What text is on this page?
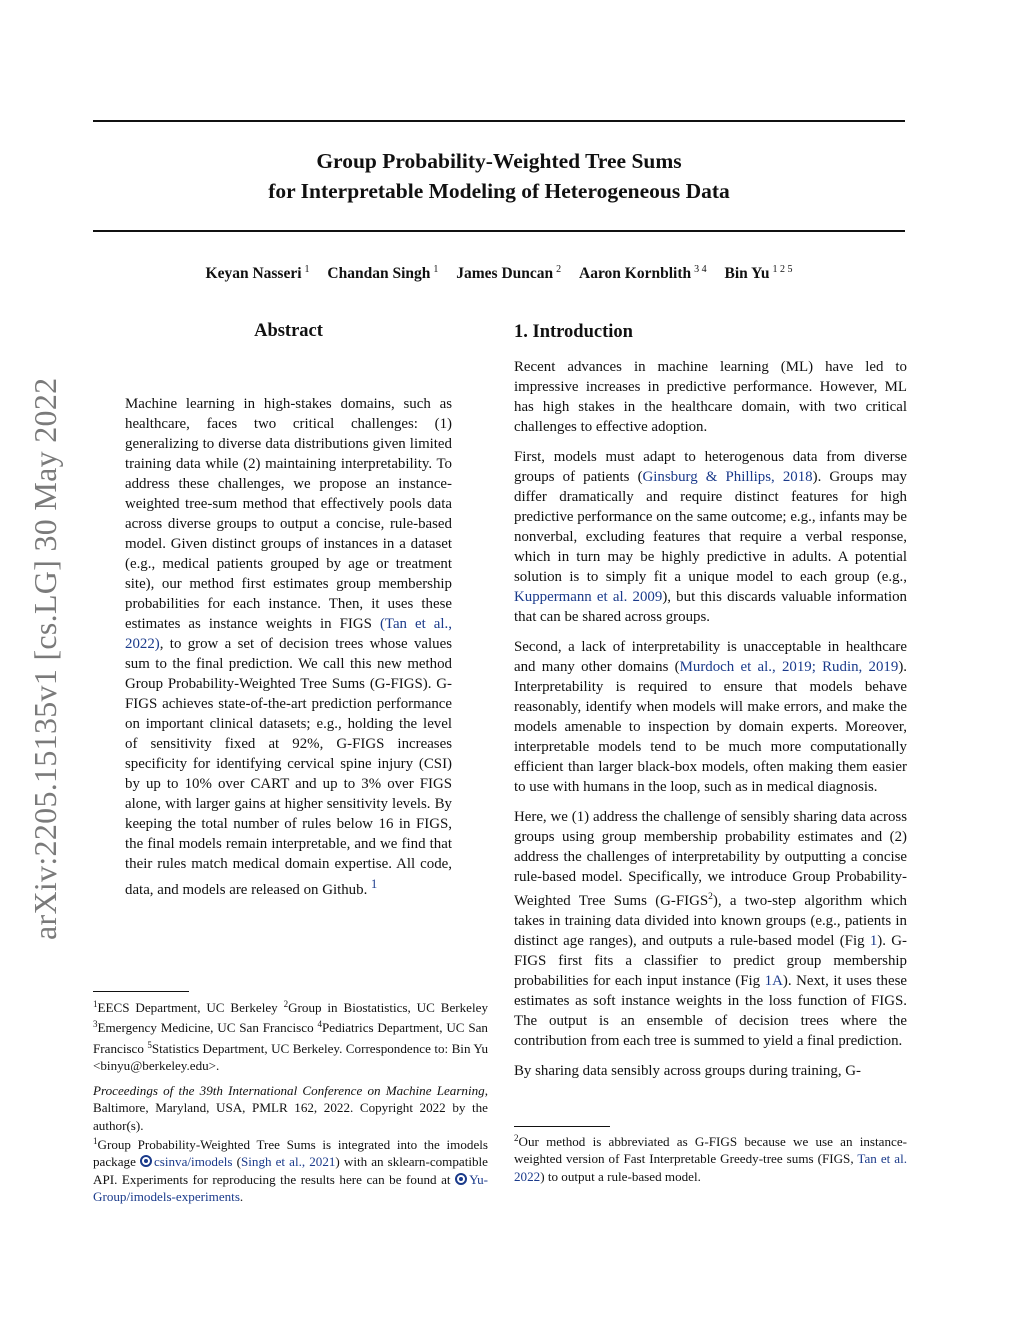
arXiv:2205.15135v1 [cs.LG] 30 May 2022
Group Probability-Weighted Tree Sums
for Interpretable Modeling of Heterogeneous Data
Keyan Nasseri $^1$ Chandan Singh $^1$ James Duncan $^2$ Aaron Kornblith $^{3 4}$ Bin Yu $^{1 2 5}$
Abstract
Machine learning in high-stakes domains, such as healthcare, faces two critical challenges: (1) generalizing to diverse data distributions given limited training data while (2) maintaining interpretability. To address these challenges, we propose an instance-weighted tree-sum method that effectively pools data across diverse groups to output a concise, rule-based model. Given distinct groups of instances in a dataset (e.g., medical patients grouped by age or treatment site), our method first estimates group membership probabilities for each instance. Then, it uses these estimates as instance weights in FIGS (Tan et al., 2022), to grow a set of decision trees whose values sum to the final prediction. We call this new method Group Probability-Weighted Tree Sums (G-FIGS). G-FIGS achieves state-of-the-art prediction performance on important clinical datasets; e.g., holding the level of sensitivity fixed at 92%, G-FIGS increases specificity for identifying cervical spine injury (CSI) by up to 10% over CART and up to 3% over FIGS alone, with larger gains at higher sensitivity levels. By keeping the total number of rules below 16 in FIGS, the final models remain interpretable, and we find that their rules match medical domain expertise. All code, data, and models are released on Github. $^1$
$^1$EECS Department, UC Berkeley $^2$Group in Biostatistics, UC Berkeley $^3$Emergency Medicine, UC San Francisco $^4$Pediatrics Department, UC San Francisco $^5$Statistics Department, UC Berkeley. Correspondence to: Bin Yu <binyu@berkeley.edu>.
Proceedings of the 39th International Conference on Machine Learning, Baltimore, Maryland, USA, PMLR 162, 2022. Copyright 2022 by the author(s).
$^1$Group Probability-Weighted Tree Sums is integrated into the imodels package csinva/imodels (Singh et al., 2021) with an sklearn-compatible API. Experiments for reproducing the results here can be found at Yu-Group/imodels-experiments.
1. Introduction

Recent advances in machine learning (ML) have led to impressive increases in predictive performance. However, ML has high stakes in the healthcare domain, with two critical challenges to effective adoption.

First, models must adapt to heterogenous data from diverse groups of patients (Ginsburg & Phillips, 2018). Groups may differ dramatically and require distinct features for high predictive performance on the same outcome; e.g., infants may be nonverbal, excluding features that require a verbal response, which in turn may be highly predictive in adults. A potential solution is to simply fit a unique model to each group (e.g., Kuppermann et al. 2009), but this discards valuable information that can be shared across groups.

Second, a lack of interpretability is unacceptable in healthcare and many other domains (Murdoch et al., 2019; Rudin, 2019). Interpretability is required to ensure that models behave reasonably, identify when models will make errors, and make the models amenable to inspection by domain experts. Moreover, interpretable models tend to be much more computationally efficient than larger black-box models, often making them easier to use with humans in the loop, such as in medical diagnosis.

Here, we (1) address the challenge of sensibly sharing data across groups using group membership probability estimates and (2) address the challenges of interpretability by outputting a concise rule-based model. Specifically, we introduce Group Probability-Weighted Tree Sums (G-FIGS$^2$), a two-step algorithm which takes in training data divided into known groups (e.g., patients in distinct age ranges), and outputs a rule-based model (Fig 1). G-FIGS first fits a classifier to predict group membership probabilities for each input instance (Fig 1A). Next, it uses these estimates as soft instance weights in the loss function of FIGS. The output is an ensemble of decision trees where the contribution from each tree is summed to yield a final prediction.

By sharing data sensibly across groups during training, G-

$^2$Our method is abbreviated as G-FIGS because we use an instance-weighted version of Fast Interpretable Greedy-tree sums (FIGS, Tan et al. 2022) to output a rule-based model.
